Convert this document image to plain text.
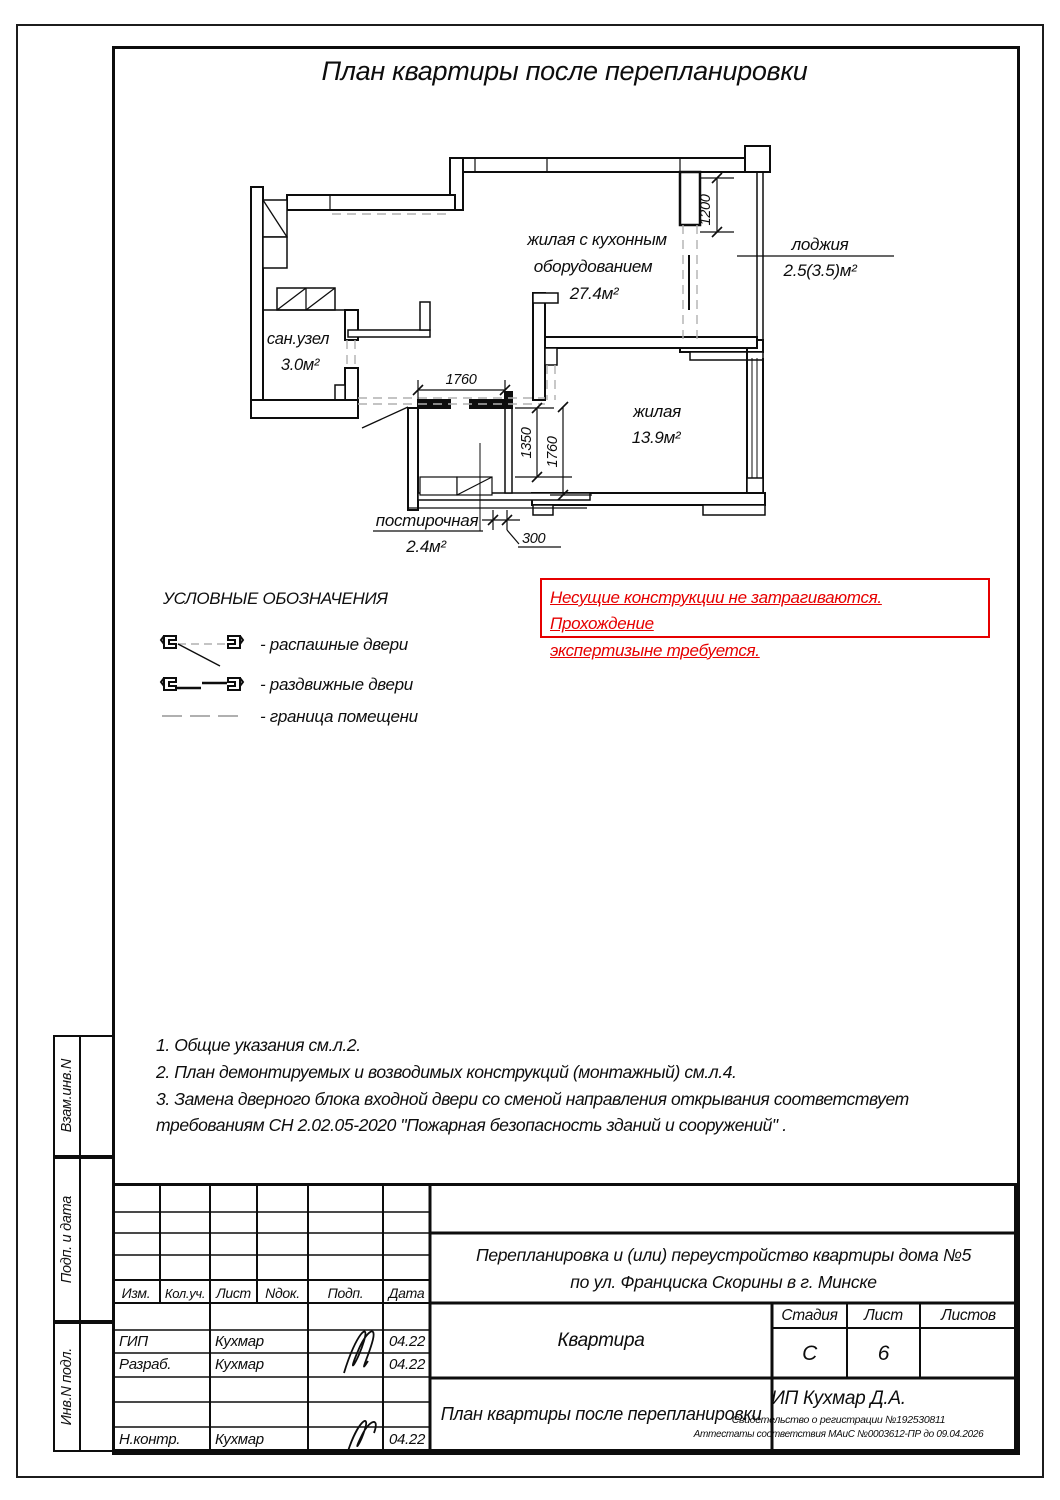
План квартиры после перепланировки
1200
1760
1350 1760
300
жилая с кухонным
оборудованием
27.4м²
лоджия
2.5(3.5)м²
сан.узел
3.0м²
жилая
13.9м²
постирочная
2.4м²
УСЛОВНЫЕ ОБОЗНАЧЕНИЯ
- распашные двери
- раздвижные двери
- граница помещени
Несущие конструкции не затрагиваются. Прохождение
экспертизыне требуется.
1. Общие указания см.л.2.
2. План демонтируемых и возводимых конструкций (монтажный) см.л.4.
3. Замена дверного блока входной двери со сменой направления открывания соответствует
требованиям СН 2.02.05-2020 "Пожарная безопасность зданий и сооружений" .
Взам.инв.N
Подп. и дата
Инв.N подл.
Изм.	Кол.уч. Лист	Nдок.	Подп.	Дата
ГИП	Кухмар	04.22
Разраб.	Кухмар	04.22
Н.контр.	Кухмар	04.22
Перепланировка и (или) переустройство квартиры дома №5
по ул. Франциска Скорины в г. Минске
Квартира
Стадия	Лист	Листов
С	6
План квартиры после перепланировки
ИП Кухмар Д.А.
Свидетельство о регистрации №192530811
Аттестаты соответствия МАиС №0003612-ПР до 09.04.2026
